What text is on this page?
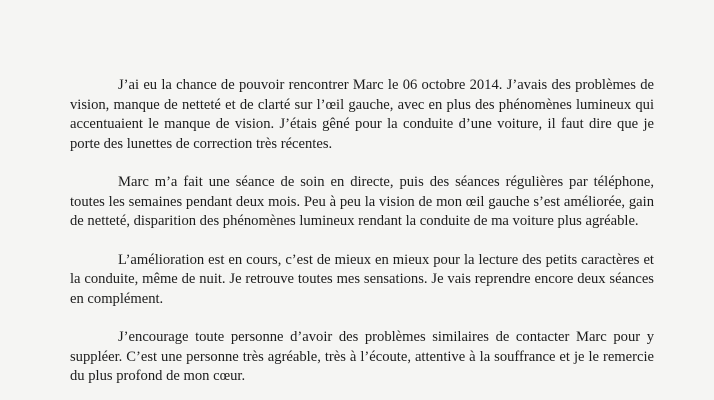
J’ai eu la chance de pouvoir rencontrer Marc le 06 octobre 2014. J’avais des problèmes de vision, manque de netteté et de clarté sur l’œil gauche, avec en plus des phénomènes lumineux qui accentuaient le manque de vision. J’étais gêné pour la conduite d’une voiture, il faut dire que je porte des lunettes de correction très récentes.

Marc m’a fait une séance de soin en directe, puis des séances régulières par téléphone, toutes les semaines pendant deux mois. Peu à peu la vision de mon œil gauche s’est améliorée, gain de netteté, disparition des phénomènes lumineux rendant la conduite de ma voiture plus agréable.

L’amélioration est en cours, c’est de mieux en mieux pour la lecture des petits caractères et la conduite, même de nuit. Je retrouve toutes mes sensations. Je vais reprendre encore deux séances en complément.

J’encourage toute personne d’avoir des problèmes similaires de contacter Marc pour y suppléer. C’est une personne très agréable, très à l’écoute, attentive à la souffrance et je le remercie du plus profond de mon cœur.
